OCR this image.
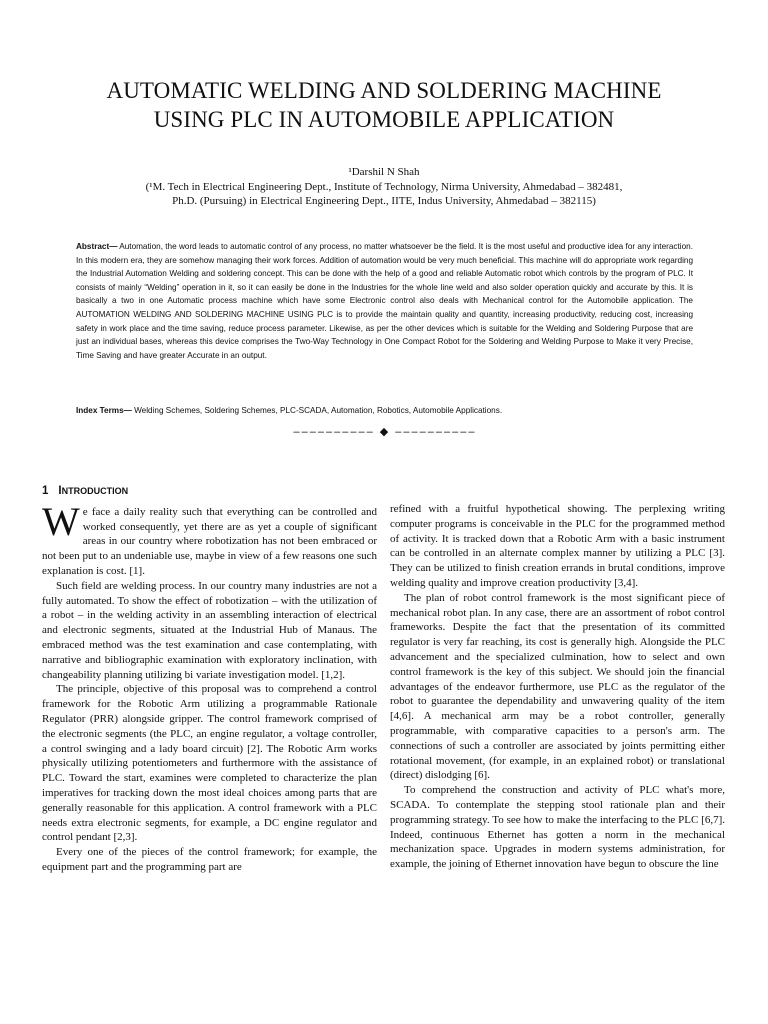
AUTOMATIC WELDING AND SOLDERING MACHINE
USING PLC IN AUTOMOBILE APPLICATION
¹Darshil N Shah
(¹M. Tech in Electrical Engineering Dept., Institute of Technology, Nirma University, Ahmedabad – 382481,
Ph.D. (Pursuing) in Electrical Engineering Dept., IITE, Indus University, Ahmedabad – 382115)
Abstract— Automation, the word leads to automatic control of any process, no matter whatsoever be the field. It is the most useful and productive idea for any interaction. In this modern era, they are somehow managing their work forces. Addition of automation would be very much beneficial. This machine will do appropriate work regarding the Industrial Automation Welding and soldering concept. This can be done with the help of a good and reliable Automatic robot which controls by the program of PLC. It consists of mainly “Welding” operation in it, so it can easily be done in the Industries for the whole line weld and also solder operation quickly and accurate by this. It is basically a two in one Automatic process machine which have some Electronic control also deals with Mechanical control for the Automobile application. The AUTOMATION WELDING AND SOLDERING MACHINE USING PLC is to provide the maintain quality and quantity, increasing productivity, reducing cost, increasing safety in work place and the time saving, reduce process parameter. Likewise, as per the other devices which is suitable for the Welding and Soldering Purpose that are just an individual bases, whereas this device comprises the Two-Way Technology in One Compact Robot for the Soldering and Welding Purpose to Make it very Precise, Time Saving and have greater Accurate in an output.
Index Terms— Welding Schemes, Soldering Schemes, PLC-SCADA, Automation, Robotics, Automobile Applications.
–––––––––– ◆ ––––––––––
1 INTRODUCTION

We face a daily reality such that everything can be controlled and worked consequently, yet there are as yet a couple of significant areas in our country where robotization has not been embraced or not been put to an undeniable use, maybe in view of a few reasons one such explanation is cost. [1].

Such field are welding process. In our country many industries are not a fully automated. To show the effect of robotization – with the utilization of a robot – in the welding activity in an assembling interaction of electrical and electronic segments, situated at the Industrial Hub of Manaus. The embraced method was the test examination and case contemplating, with narrative and bibliographic examination with exploratory inclination, with changeability planning utilizing bi variate investigation model. [1,2].

The principle, objective of this proposal was to comprehend a control framework for the Robotic Arm utilizing a programmable Rationale Regulator (PRR) alongside gripper. The control framework comprised of the electronic segments (the PLC, an engine regulator, a voltage controller, a control swinging and a lady board circuit) [2]. The Robotic Arm works physically utilizing potentiometers and furthermore with the assistance of PLC. Toward the start, examines were completed to characterize the plan imperatives for tracking down the most ideal choices among parts that are generally reasonable for this application. A control framework with a PLC needs extra electronic segments, for example, a DC engine regulator and control pendant [2,3].

Every one of the pieces of the control framework; for example, the equipment part and the programming part are

refined with a fruitful hypothetical showing. The perplexing writing computer programs is conceivable in the PLC for the programmed method of activity. It is tracked down that a Robotic Arm with a basic instrument can be controlled in an alternate complex manner by utilizing a PLC [3]. They can be utilized to finish creation errands in brutal conditions, improve welding quality and improve creation productivity [3,4].

The plan of robot control framework is the most significant piece of mechanical robot plan. In any case, there are an assortment of robot control frameworks. Despite the fact that the presentation of its committed regulator is very far reaching, its cost is generally high. Alongside the PLC advancement and the specialized culmination, how to select and own control framework is the key of this subject. We should join the financial advantages of the endeavor furthermore, use PLC as the regulator of the robot to guarantee the dependability and unwavering quality of the item [4,6]. A mechanical arm may be a robot controller, generally programmable, with comparative capacities to a person's arm. The connections of such a controller are associated by joints permitting either rotational movement, (for example, in an explained robot) or translational (direct) dislodging [6].

To comprehend the construction and activity of PLC what's more, SCADA. To contemplate the stepping stool rationale plan and their programming strategy. To see how to make the interfacing to the PLC [6,7]. Indeed, continuous Ethernet has gotten a norm in the mechanical mechanization space. Upgrades in modern systems administration, for example, the joining of Ethernet innovation have begun to obscure the line
